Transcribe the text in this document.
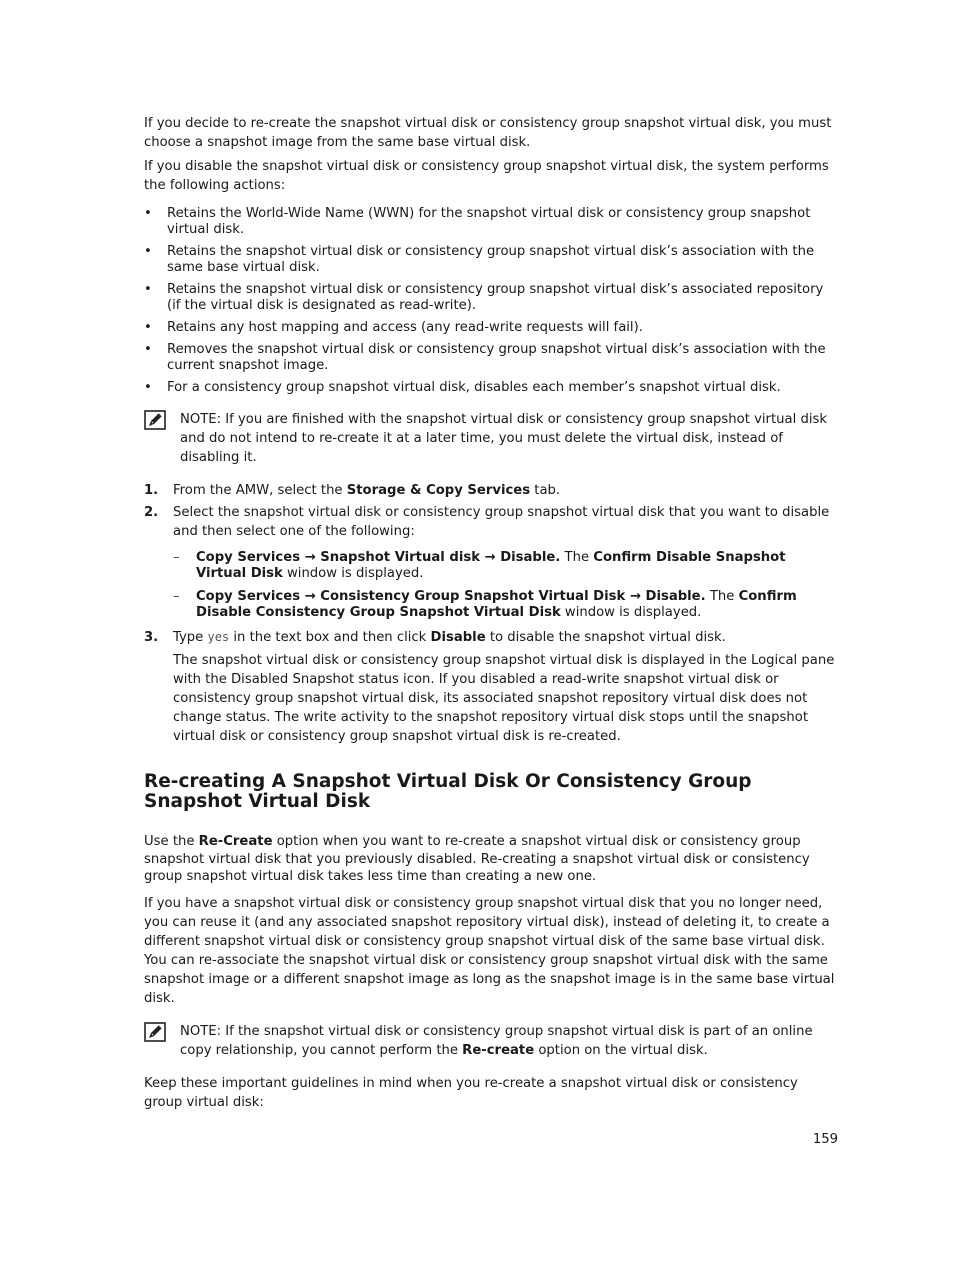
If you decide to re-create the snapshot virtual disk or consistency group snapshot virtual disk, you must choose a snapshot image from the same base virtual disk.

If you disable the snapshot virtual disk or consistency group snapshot virtual disk, the system performs the following actions:

• Retains the World-Wide Name (WWN) for the snapshot virtual disk or consistency group snapshot virtual disk.
• Retains the snapshot virtual disk or consistency group snapshot virtual disk’s association with the same base virtual disk.
• Retains the snapshot virtual disk or consistency group snapshot virtual disk’s associated repository (if the virtual disk is designated as read-write).
• Retains any host mapping and access (any read-write requests will fail).
• Removes the snapshot virtual disk or consistency group snapshot virtual disk’s association with the current snapshot image.
• For a consistency group snapshot virtual disk, disables each member’s snapshot virtual disk.

NOTE: If you are finished with the snapshot virtual disk or consistency group snapshot virtual disk and do not intend to re-create it at a later time, you must delete the virtual disk, instead of disabling it.

1. From the AMW, select the Storage & Copy Services tab.
2. Select the snapshot virtual disk or consistency group snapshot virtual disk that you want to disable and then select one of the following:
– Copy Services → Snapshot Virtual disk → Disable. The Confirm Disable Snapshot Virtual Disk window is displayed.
– Copy Services → Consistency Group Snapshot Virtual Disk → Disable. The Confirm Disable Consistency Group Snapshot Virtual Disk window is displayed.
3. Type yes in the text box and then click Disable to disable the snapshot virtual disk.

The snapshot virtual disk or consistency group snapshot virtual disk is displayed in the Logical pane with the Disabled Snapshot status icon. If you disabled a read-write snapshot virtual disk or consistency group snapshot virtual disk, its associated snapshot repository virtual disk does not change status. The write activity to the snapshot repository virtual disk stops until the snapshot virtual disk or consistency group snapshot virtual disk is re-created.

Re-creating A Snapshot Virtual Disk Or Consistency Group Snapshot Virtual Disk

Use the Re-Create option when you want to re-create a snapshot virtual disk or consistency group snapshot virtual disk that you previously disabled. Re-creating a snapshot virtual disk or consistency group snapshot virtual disk takes less time than creating a new one.

If you have a snapshot virtual disk or consistency group snapshot virtual disk that you no longer need, you can reuse it (and any associated snapshot repository virtual disk), instead of deleting it, to create a different snapshot virtual disk or consistency group snapshot virtual disk of the same base virtual disk. You can re-associate the snapshot virtual disk or consistency group snapshot virtual disk with the same snapshot image or a different snapshot image as long as the snapshot image is in the same base virtual disk.

NOTE: If the snapshot virtual disk or consistency group snapshot virtual disk is part of an online copy relationship, you cannot perform the Re-create option on the virtual disk.

Keep these important guidelines in mind when you re-create a snapshot virtual disk or consistency group virtual disk:

159
